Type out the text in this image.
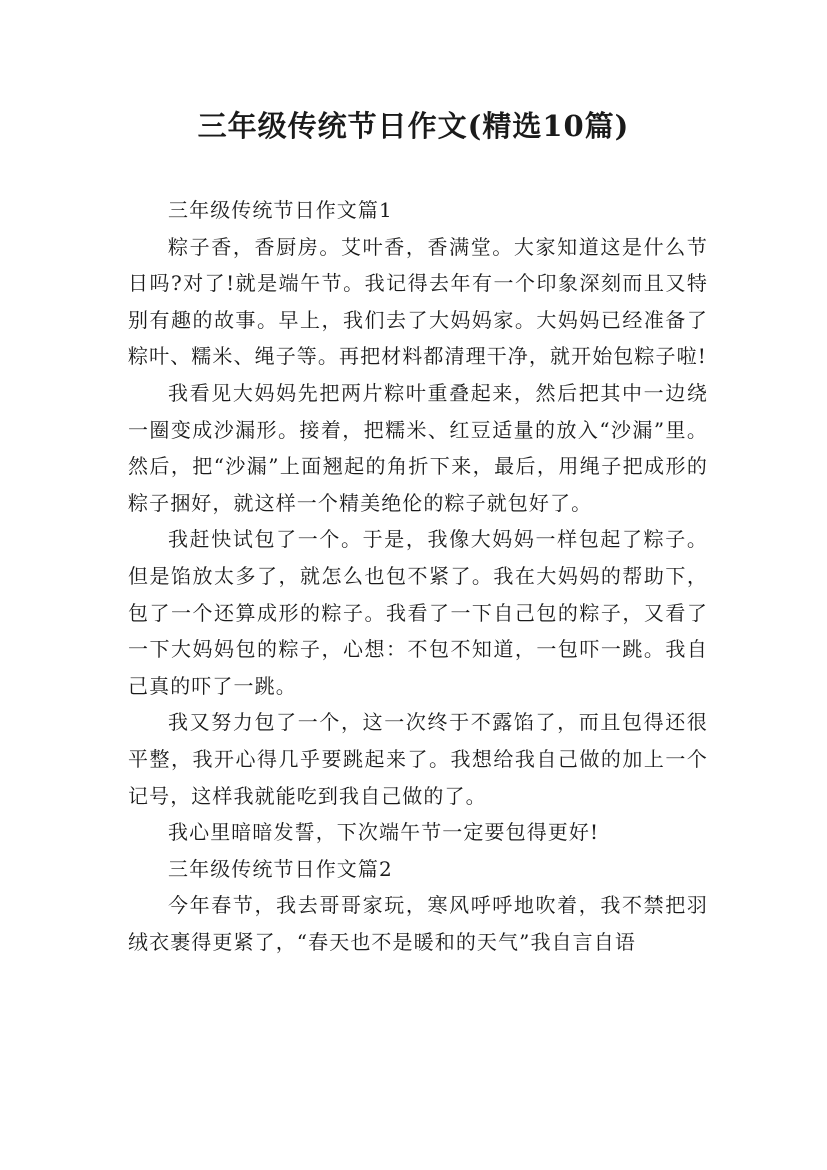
三年级传统节日作文(精选10篇)

三年级传统节日作文篇1

粽子香，香厨房。艾叶香，香满堂。大家知道这是什么节日吗?对了!就是端午节。我记得去年有一个印象深刻而且又特别有趣的故事。早上，我们去了大妈妈家。大妈妈已经准备了粽叶、糯米、绳子等。再把材料都清理干净，就开始包粽子啦!

我看见大妈妈先把两片粽叶重叠起来，然后把其中一边绕一圈变成沙漏形。接着，把糯米、红豆适量的放入“沙漏”里。然后，把“沙漏”上面翘起的角折下来，最后，用绳子把成形的粽子捆好，就这样一个精美绝伦的粽子就包好了。

我赶快试包了一个。于是，我像大妈妈一样包起了粽子。但是馅放太多了，就怎么也包不紧了。我在大妈妈的帮助下，包了一个还算成形的粽子。我看了一下自己包的粽子，又看了一下大妈妈包的粽子，心想：不包不知道，一包吓一跳。我自己真的吓了一跳。

我又努力包了一个，这一次终于不露馅了，而且包得还很平整，我开心得几乎要跳起来了。我想给我自己做的加上一个记号，这样我就能吃到我自己做的了。

我心里暗暗发誓，下次端午节一定要包得更好!

三年级传统节日作文篇2

今年春节，我去哥哥家玩，寒风呼呼地吹着，我不禁把羽绒衣裹得更紧了，“春天也不是暖和的天气”我自言自语
